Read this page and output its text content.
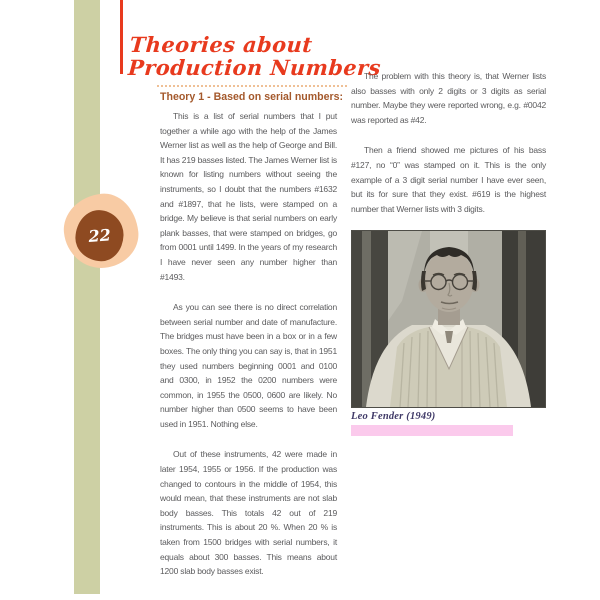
22
Theories about
Production Numbers
Theory 1 - Based on serial numbers:

This is a list of serial numbers that I put together a while ago with the help of the James Werner list as well as the help of George and Bill. It has 219 basses listed. The James Werner list is known for listing numbers without seeing the instruments, so I doubt that the numbers #1632 and #1897, that he lists, were stamped on a bridge. My believe is that serial numbers on early plank basses, that were stamped on bridges, go from 0001 until 1499. In the years of my research I have never seen any number higher than #1493.

As you can see there is no direct correlation between serial number and date of manufacture. The bridges must have been in a box or in a few boxes. The only thing you can say is, that in 1951 they used numbers beginning 0001 and 0100 and 0300, in 1952 the 0200 numbers were common, in 1955 the 0500, 0600 are likely. No number higher than 0500 seems to have been used in 1951. Nothing else.

Out of these instruments, 42 were made in later 1954, 1955 or 1956. If the production was changed to contours in the middle of 1954, this would mean, that these instruments are not slab body basses. This totals 42 out of 219 instruments. This is about 20 %. When 20 % is taken from 1500 bridges with serial numbers, it equals about 300 basses. This means about 1200 slab body basses exist.

The problem with this theory is, that Werner lists also basses with only 2 digits or 3 digits as serial number. Maybe they were reported wrong, e.g. #0042 was reported as #42.

Then a friend showed me pictures of his bass #127, no “0” was stamped on it. This is the only example of a 3 digit serial number I have ever seen, but its for sure that they exist. #619 is the highest number that Werner lists with 3 digits.

Leo Fender (1949)
